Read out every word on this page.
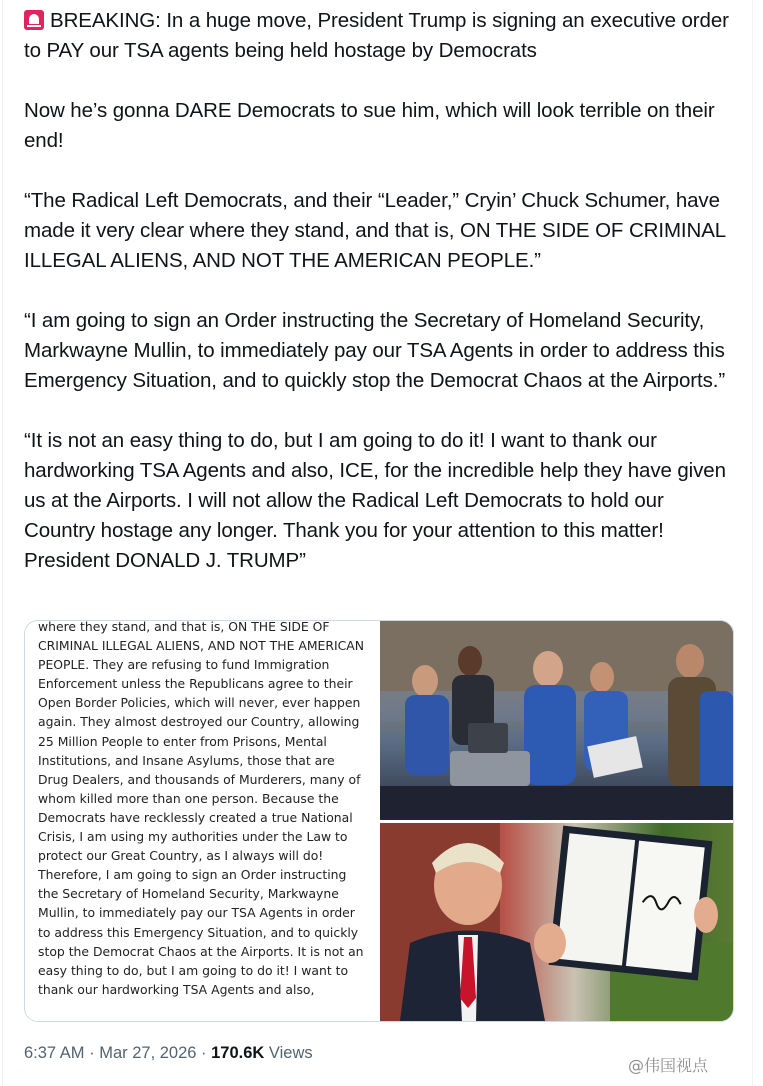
BREAKING: In a huge move, President Trump is signing an executive order to PAY our TSA agents being held hostage by Democrats

Now he’s gonna DARE Democrats to sue him, which will look terrible on their end!

“The Radical Left Democrats, and their “Leader,” Cryin’ Chuck Schumer, have made it very clear where they stand, and that is, ON THE SIDE OF CRIMINAL ILLEGAL ALIENS, AND NOT THE AMERICAN PEOPLE.”

“I am going to sign an Order instructing the Secretary of Homeland Security, Markwayne Mullin, to immediately pay our TSA Agents in order to address this Emergency Situation, and to quickly stop the Democrat Chaos at the Airports.”

“It is not an easy thing to do, but I am going to do it! I want to thank our hardworking TSA Agents and also, ICE, for the incredible help they have given us at the Airports. I will not allow the Radical Left Democrats to hold our Country hostage any longer. Thank you for your attention to this matter! President DONALD J. TRUMP”

where they stand, and that is, ON THE SIDE OF CRIMINAL ILLEGAL ALIENS, AND NOT THE AMERICAN PEOPLE. They are refusing to fund Immigration Enforcement unless the Republicans agree to their Open Border Policies, which will never, ever happen again. They almost destroyed our Country, allowing 25 Million People to enter from Prisons, Mental Institutions, and Insane Asylums, those that are Drug Dealers, and thousands of Murderers, many of whom killed more than one person. Because the Democrats have recklessly created a true National Crisis, I am using my authorities under the Law to protect our Great Country, as I always will do! Therefore, I am going to sign an Order instructing the Secretary of Homeland Security, Markwayne Mullin, to immediately pay our TSA Agents in order to address this Emergency Situation, and to quickly stop the Democrat Chaos at the Airports. It is not an easy thing to do, but I am going to do it! I want to thank our hardworking TSA Agents and also,
6:37 AM · Mar 27, 2026 · 170.6K Views
@伟国视点
